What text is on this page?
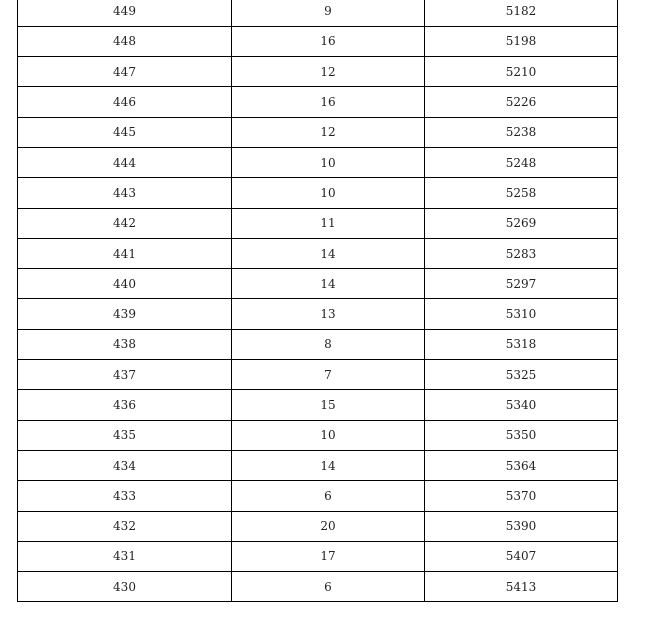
449	9	5182
448	16	5198
447	12	5210
446	16	5226
445	12	5238
444	10	5248
443	10	5258
442	11	5269
441	14	5283
440	14	5297
439	13	5310
438	8	5318
437	7	5325
436	15	5340
435	10	5350
434	14	5364
433	6	5370
432	20	5390
431	17	5407
430	6	5413
